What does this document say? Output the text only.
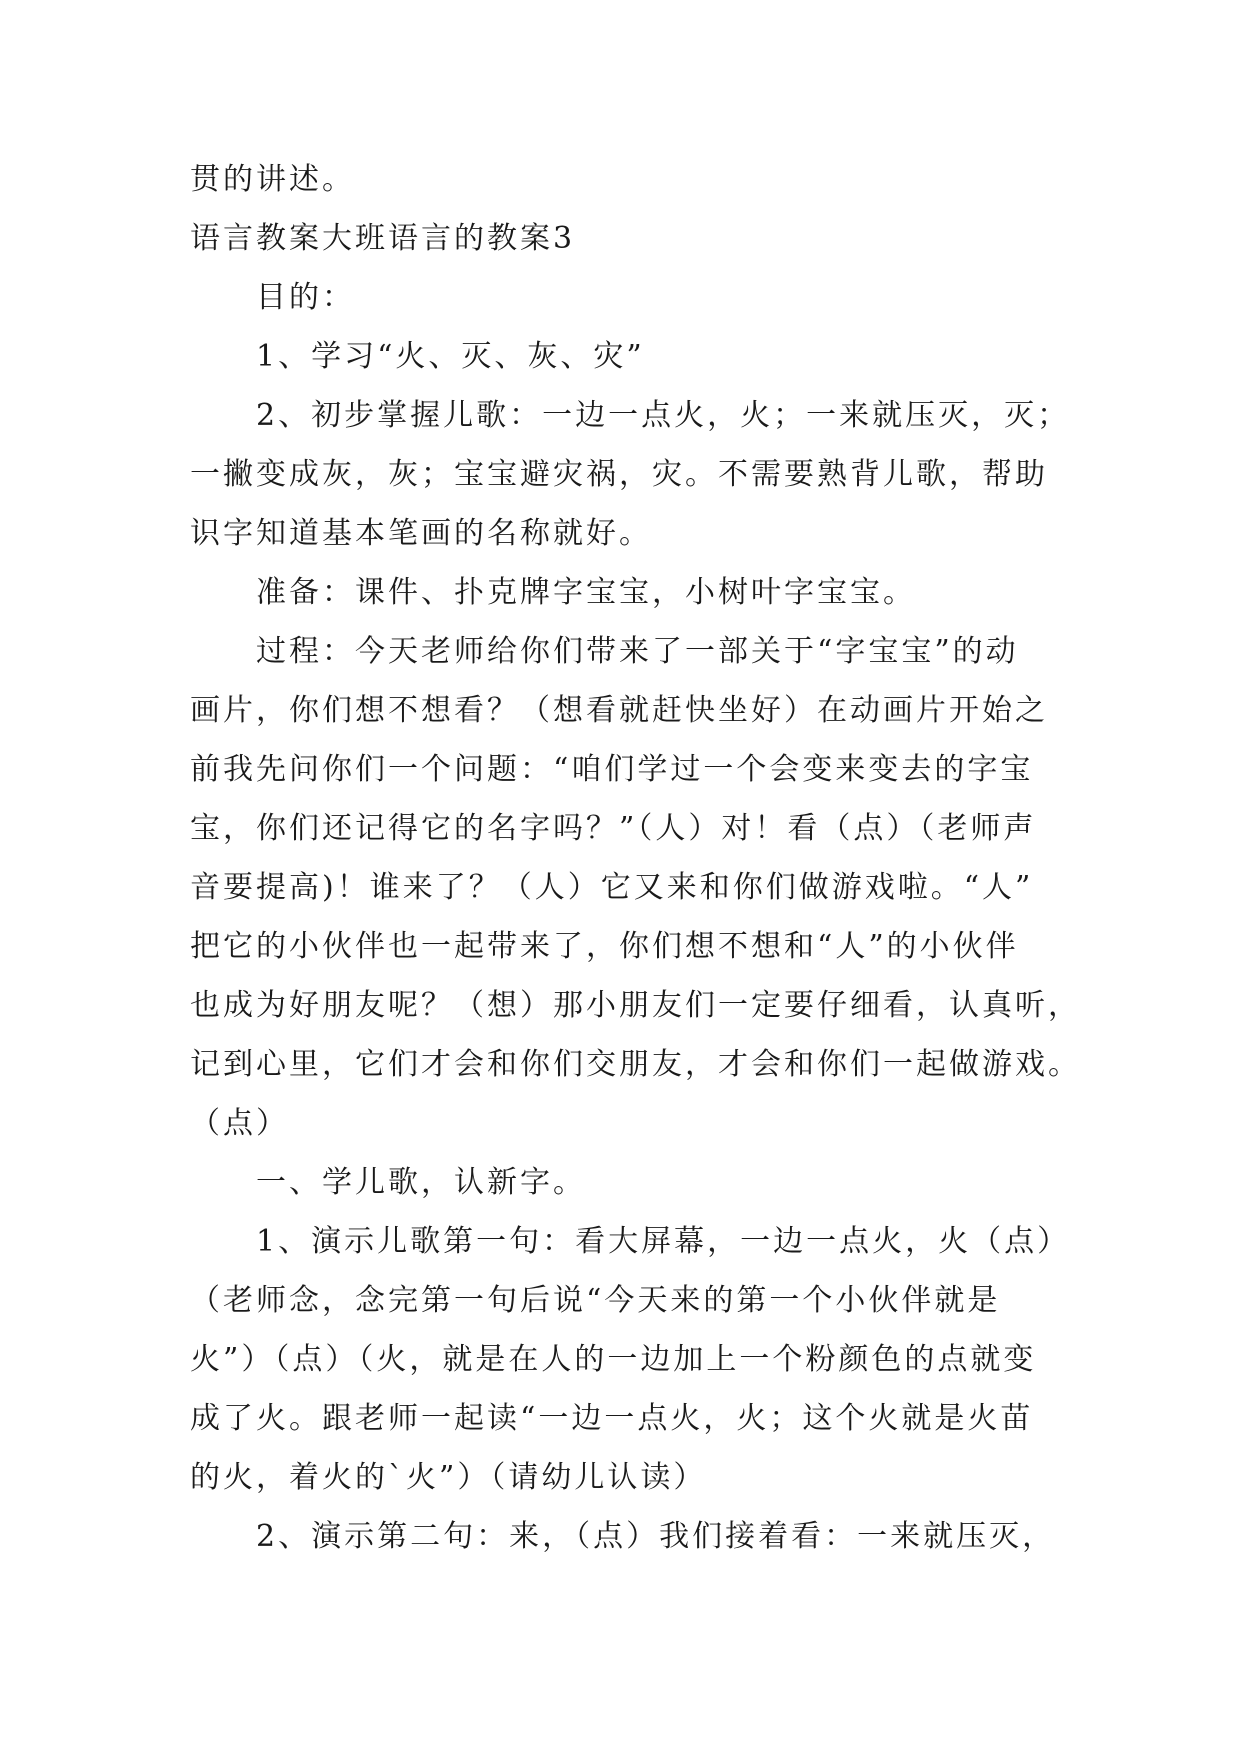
贯的讲述。
语言教案大班语言的教案3
目的：
1、学习“火、灭、灰、灾”
2、初步掌握儿歌：一边一点火，火；一来就压灭，灭；
一撇变成灰，灰；宝宝避灾祸，灾。不需要熟背儿歌，帮助
识字知道基本笔画的名称就好。
准备：课件、扑克牌字宝宝，小树叶字宝宝。
过程：今天老师给你们带来了一部关于“字宝宝”的动
画片，你们想不想看？（想看就赶快坐好）在动画片开始之
前我先问你们一个问题：“咱们学过一个会变来变去的字宝
宝，你们还记得它的名字吗？”（人）对！看（点）（老师声
音要提高)！谁来了？（人）它又来和你们做游戏啦。“人”
把它的小伙伴也一起带来了，你们想不想和“人”的小伙伴
也成为好朋友呢？（想）那小朋友们一定要仔细看，认真听，
记到心里，它们才会和你们交朋友，才会和你们一起做游戏。
（点）
一、学儿歌，认新字。
1、演示儿歌第一句：看大屏幕，一边一点火，火（点）
（老师念，念完第一句后说“今天来的第一个小伙伴就是
火”）（点）（火，就是在人的一边加上一个粉颜色的点就变
成了火。跟老师一起读“一边一点火，火；这个火就是火苗
的火，着火的`火”）（请幼儿认读）
2、演示第二句：来，（点）我们接着看：一来就压灭，
